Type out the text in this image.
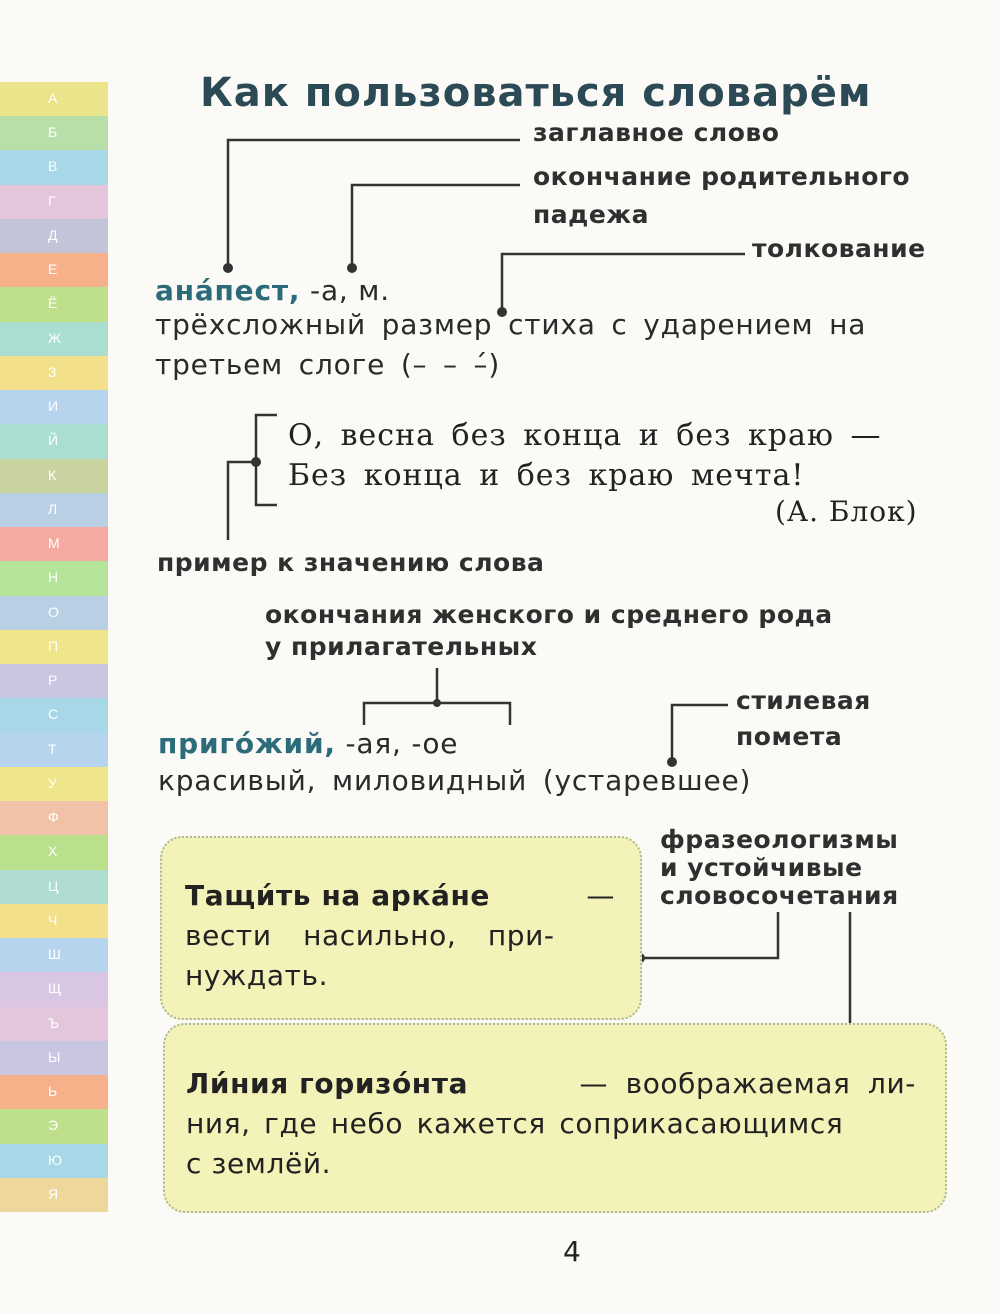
А
Б
В
Г
Д
Е
Ё
Ж
З
И
Й
К
Л
М
Н
О
П
Р
С
Т
У
Ф
Х
Ц
Ч
Ш
Щ
Ъ
Ы
Ь
Э
Ю
Я
Как пользоваться словарём
заглавное слово
окончание родительного
падежа
толкование
ана́пест, -а, м.
трёхсложный размер стиха с ударением на
третьем слоге (– – –́)
О, весна без конца и без краю —
Без конца и без краю мечта!
(А. Блок)
пример к значению слова
окончания женского и среднего рода
у прилагательных
стилевая
помета
приго́жий, -ая, -ое
красивый, миловидный (устаревшее)
фразеологизмы
и устойчивые
словосочетания
Тащи́ть на арка́не	—
вести насильно, при-
нуждать.
Ли́ния горизо́нта	— воображаемая ли-
ния, где небо кажется соприкасающимся
с землёй.
4
